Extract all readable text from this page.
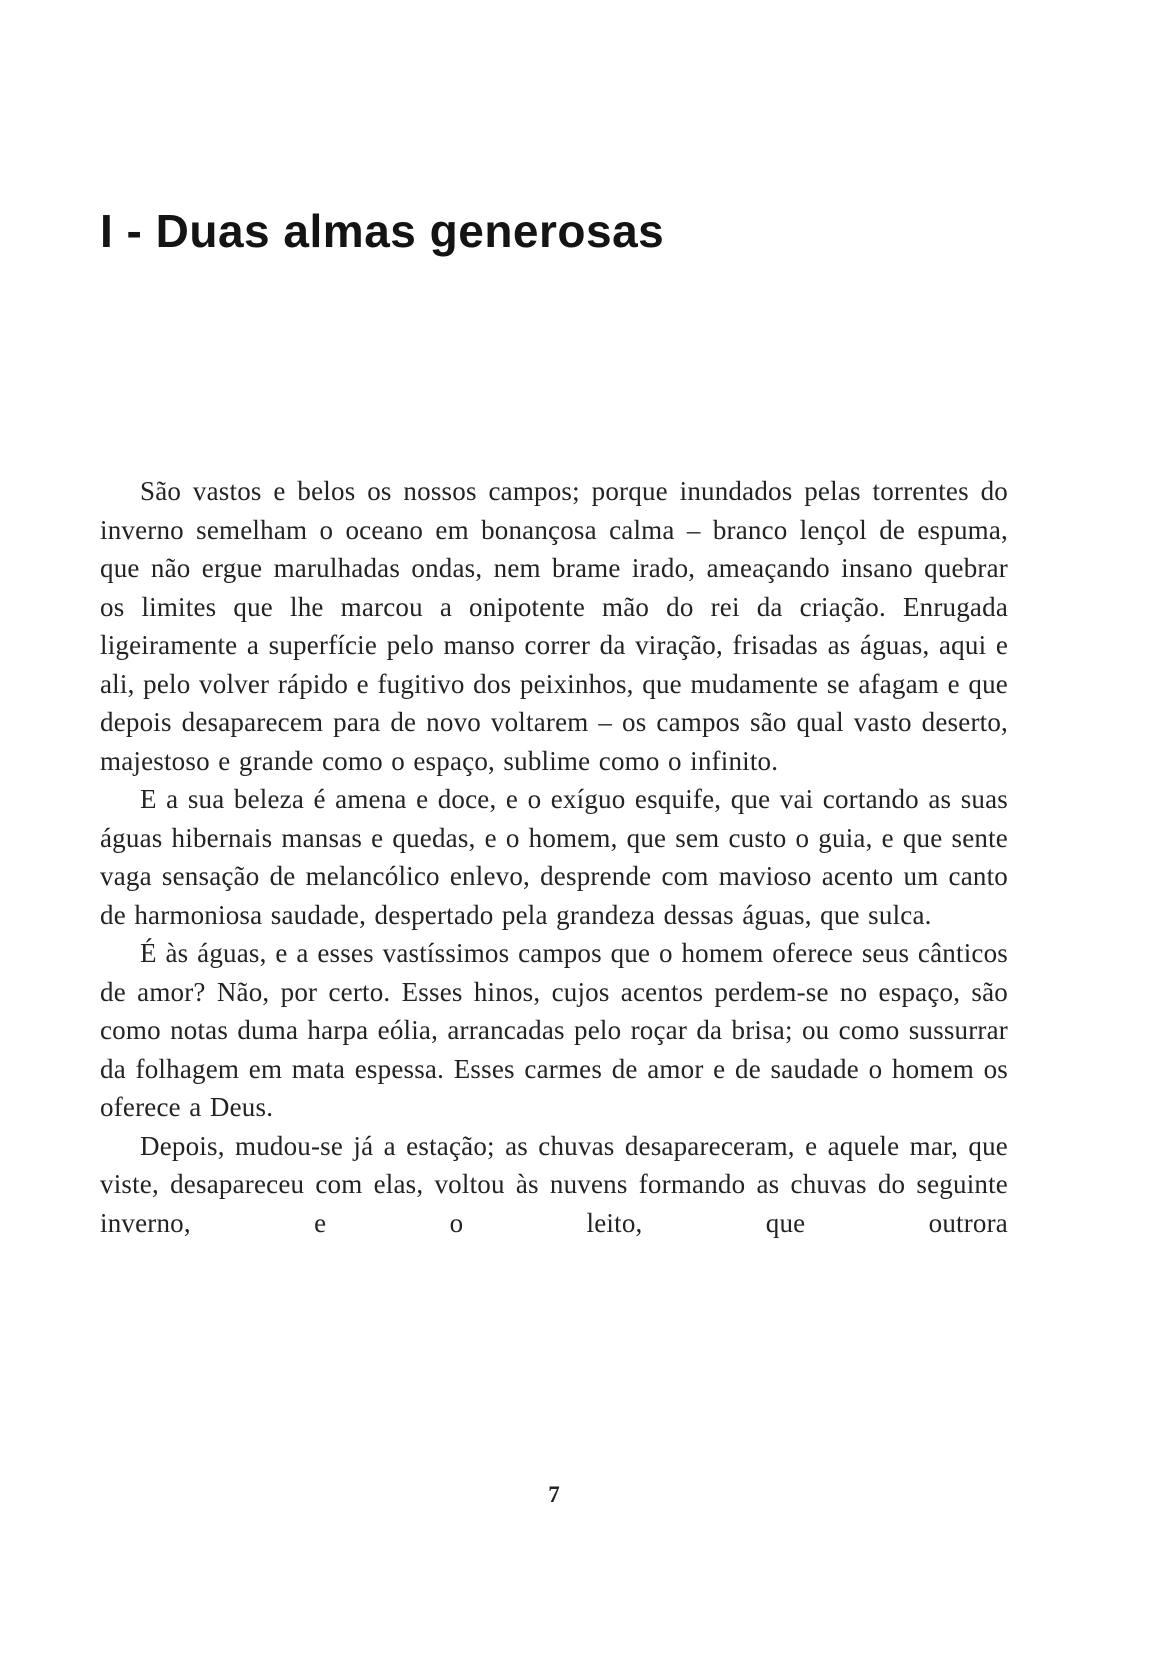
I - Duas almas generosas

São vastos e belos os nossos campos; porque inundados pelas torrentes do inverno semelham o oceano em bonançosa calma – branco lençol de espuma, que não ergue marulhadas ondas, nem brame irado, ameaçando insano quebrar os limites que lhe marcou a onipotente mão do rei da criação. Enrugada ligeiramente a superfície pelo manso correr da viração, frisadas as águas, aqui e ali, pelo volver rápido e fugitivo dos peixinhos, que mudamente se afagam e que depois desaparecem para de novo voltarem – os campos são qual vasto deserto, majestoso e grande como o espaço, sublime como o infinito.

E a sua beleza é amena e doce, e o exíguo esquife, que vai cortando as suas águas hibernais mansas e quedas, e o homem, que sem custo o guia, e que sente vaga sensação de melancólico enlevo, desprende com mavioso acento um canto de harmoniosa saudade, despertado pela grandeza dessas águas, que sulca.

É às águas, e a esses vastíssimos campos que o homem oferece seus cânticos de amor? Não, por certo. Esses hinos, cujos acentos perdem-se no espaço, são como notas duma harpa eólia, arrancadas pelo roçar da brisa; ou como sussurrar da folhagem em mata espessa. Esses carmes de amor e de saudade o homem os oferece a Deus.

Depois, mudou-se já a estação; as chuvas desapareceram, e aquele mar, que viste, desapareceu com elas, voltou às nuvens formando as chuvas do seguinte inverno, e o leito, que outrora

7
